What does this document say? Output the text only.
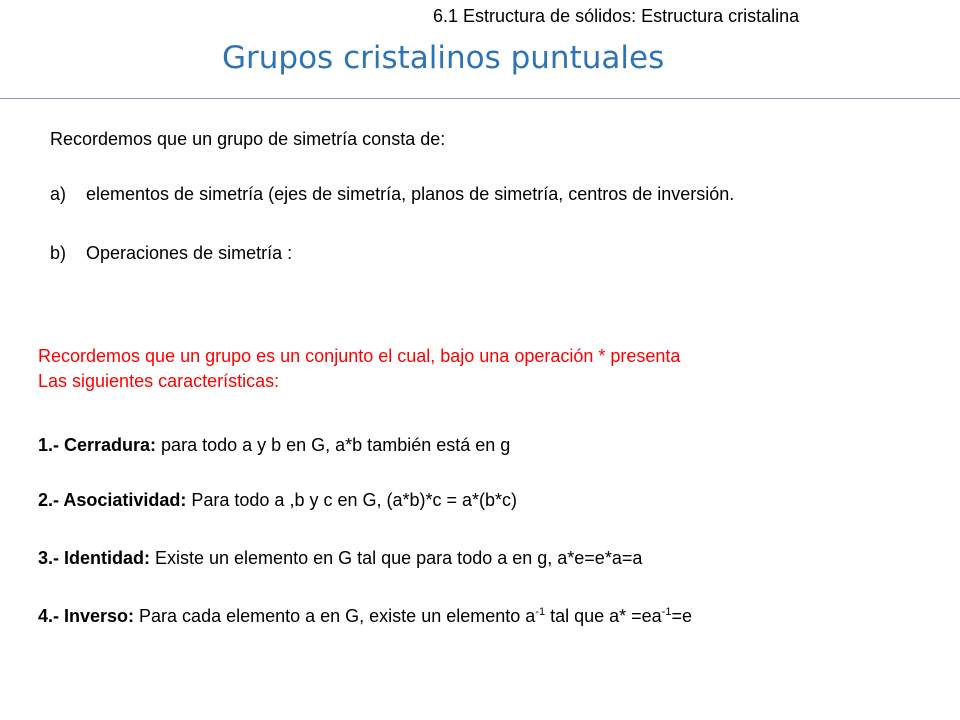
6.1 Estructura de sólidos: Estructura cristalina
Grupos cristalinos puntuales
Recordemos que un grupo de simetría consta de:
a) elementos de simetría (ejes de simetría, planos de simetría, centros de inversión.
b) Operaciones de simetría :
Recordemos que un grupo es un conjunto el cual, bajo una operación * presenta
Las siguientes características:
1.- Cerradura: para todo a y b en G, a*b también está en g
2.- Asociatividad: Para todo a ,b y c en G, (a*b)*c = a*(b*c)
3.- Identidad: Existe un elemento en G tal que para todo a en g, a*e=e*a=a
4.- Inverso: Para cada elemento a en G, existe un elemento $a^{-1}$ tal que $a* =ea^{-1}=e$
